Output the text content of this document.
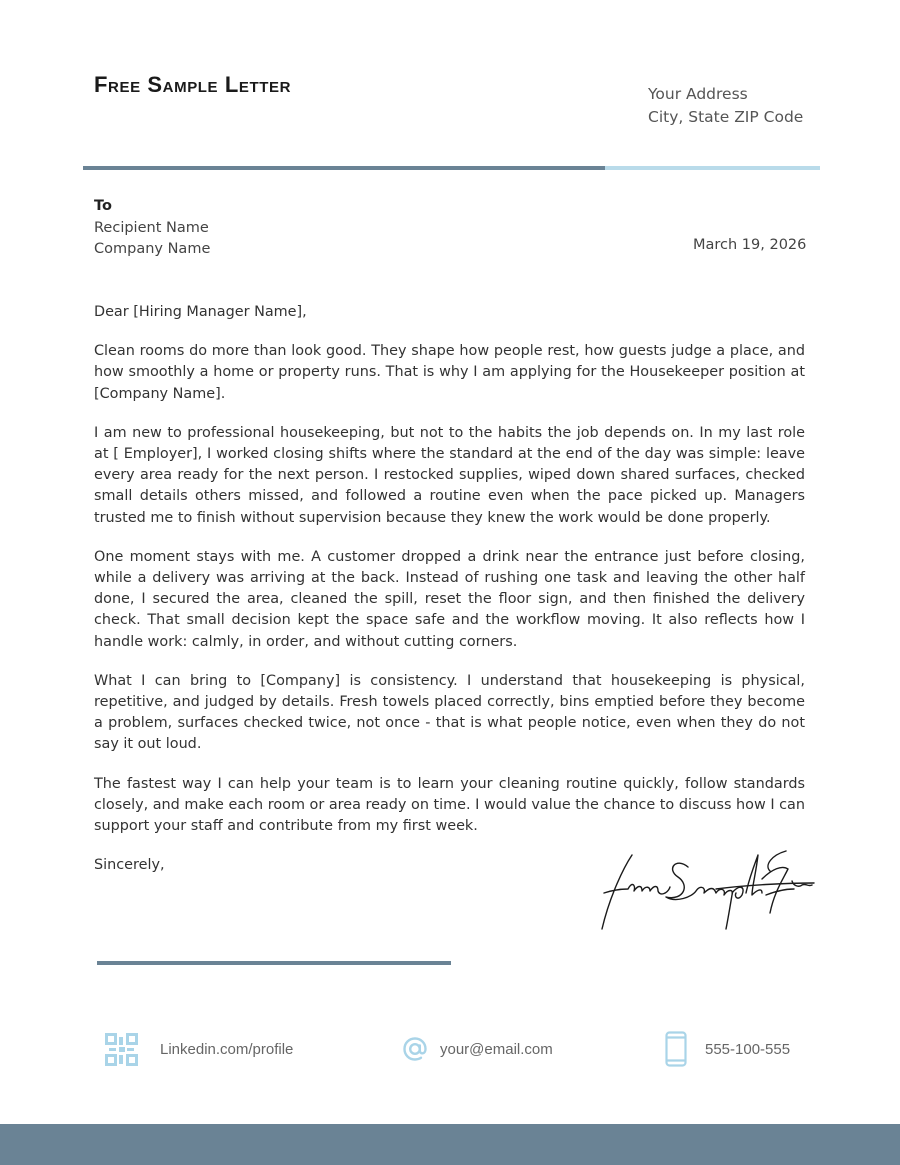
Free Sample Letter	Your Address
City, State ZIP Code
To
Recipient Name
Company Name	March 19, 2026

Dear [Hiring Manager Name],

Clean rooms do more than look good. They shape how people rest, how guests judge a place, and how smoothly a home or property runs. That is why I am applying for the Housekeeper position at [Company Name].

I am new to professional housekeeping, but not to the habits the job depends on. In my last role at [ Employer], I worked closing shifts where the standard at the end of the day was simple: leave every area ready for the next person. I restocked supplies, wiped down shared surfaces, checked small details others missed, and followed a routine even when the pace picked up. Managers trusted me to finish without supervision because they knew the work would be done properly.

One moment stays with me. A customer dropped a drink near the entrance just before closing, while a delivery was arriving at the back. Instead of rushing one task and leaving the other half done, I secured the area, cleaned the spill, reset the floor sign, and then finished the delivery check. That small decision kept the space safe and the workflow moving. It also reflects how I handle work: calmly, in order, and without cutting corners.

What I can bring to [Company] is consistency. I understand that housekeeping is physical, repetitive, and judged by details. Fresh towels placed correctly, bins emptied before they become a problem, surfaces checked twice, not once - that is what people notice, even when they do not say it out loud.

The fastest way I can help your team is to learn your cleaning routine quickly, follow standards closely, and make each room or area ready on time. I would value the chance to discuss how I can support your staff and contribute from my first week.

Sincerely,

Linkedin.com/profile	your@email.com	555-100-555
